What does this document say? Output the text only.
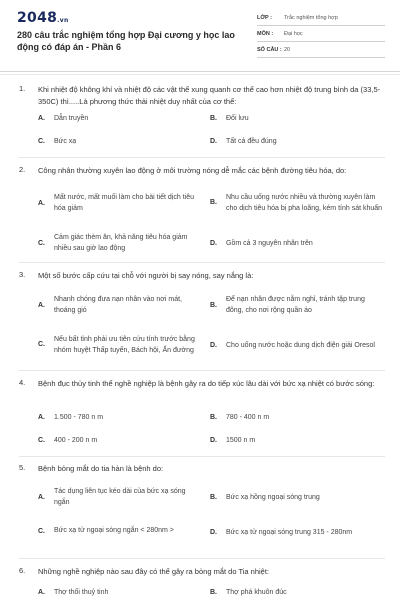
2048.vn
280 câu trắc nghiệm tổng hợp Đại cương y học lao động có đáp án - Phần 6
LỚP :	Trắc nghiệm tổng hợp
MÔN :	Đại học
SỐ CÂU : 20
1. Khi nhiệt độ không khí và nhiệt độ các vật thể xung quanh cơ thể cao hơn nhiệt độ trung bình da (33,5- 350C) thì.....Là phương thức thải nhiệt duy nhất của cơ thể:
A.	Dẫn truyền	B.	Đối lưu
C.	Bức xạ	D.	Tất cả đều đúng
2. Công nhân thường xuyên lao động ở môi trường nóng dễ mắc các bệnh đường tiêu hóa, do:
A.
Mất nước, mất muối làm cho bài tiết dịch tiêu hóa giảm
B.
Nhu cầu uống nước nhiều và thường xuyên làm cho dịch tiêu hóa bị pha loãng, kém tính sát khuẩn
C.
Cảm giác thèm ăn, khả năng tiêu hóa giảm nhiều sau giờ lao động
D.	Gồm cả 3 nguyên nhân trên
3. Một số bước cấp cứu tại chỗ với người bị say nóng, say nắng là:
A.
Nhanh chóng đưa nạn nhân vào nơi mát, thoáng gió
B.
Để nạn nhân được nằm nghỉ, tránh tập trung đông, cho nơi rộng quần áo
C.
Nếu bất tỉnh phải ưu tiên cứu tính trước bằng nhóm huyệt Thấp tuyến, Bách hội, Ấn đường
D.	Cho uống nước hoặc dung dịch điện giải Oresol
4. Bệnh đục thủy tinh thể nghề nghiệp là bệnh gây ra do tiếp xúc lâu dài với bức xạ nhiệt có bước sóng:
A.	1.500 - 780 n m	B.	780 - 400 n m
C.	400 - 200 n m	D.	1500 n m
5. Bệnh bỏng mắt do tia hàn là bệnh do:
A.
Tác dụng liên tục kéo dài của bức xạ sóng ngắn
B.	Bức xạ hồng ngoại sóng trung
C.	Bức xạ tử ngoại sóng ngắn < 280nm >	D.	Bức xạ tử ngoại sóng trung 315 - 280nm
6. Những nghề nghiệp nào sau đây có thể gây ra bỏng mắt do Tia nhiệt:
A.	Thợ thổi thuỷ tinh	B.	Thợ phá khuôn đúc
